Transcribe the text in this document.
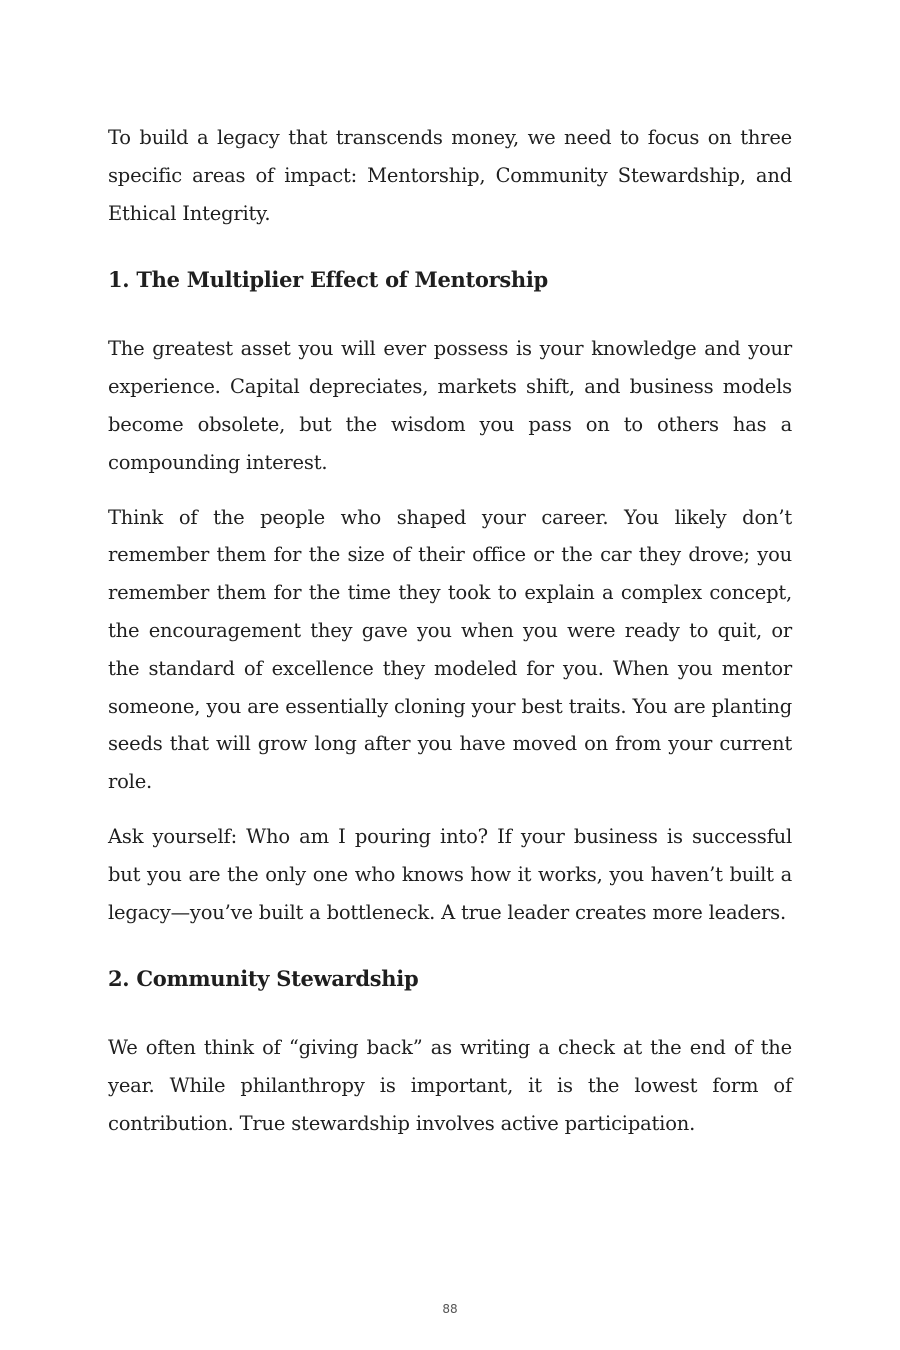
To build a legacy that transcends money, we need to focus on three specific areas of impact: Mentorship, Community Stewardship, and Ethical Integrity.

1. The Multiplier Effect of Mentorship

The greatest asset you will ever possess is your knowledge and your experience. Capital depreciates, markets shift, and business models become obsolete, but the wisdom you pass on to others has a compounding interest.

Think of the people who shaped your career. You likely don’t remember them for the size of their office or the car they drove; you remember them for the time they took to explain a complex concept, the encouragement they gave you when you were ready to quit, or the standard of excellence they modeled for you. When you mentor someone, you are essentially cloning your best traits. You are planting seeds that will grow long after you have moved on from your current role.

Ask yourself: Who am I pouring into? If your business is successful but you are the only one who knows how it works, you haven’t built a legacy—you’ve built a bottleneck. A true leader creates more leaders.

2. Community Stewardship

We often think of “giving back” as writing a check at the end of the year. While philanthropy is important, it is the lowest form of contribution. True stewardship involves active participation.

88
